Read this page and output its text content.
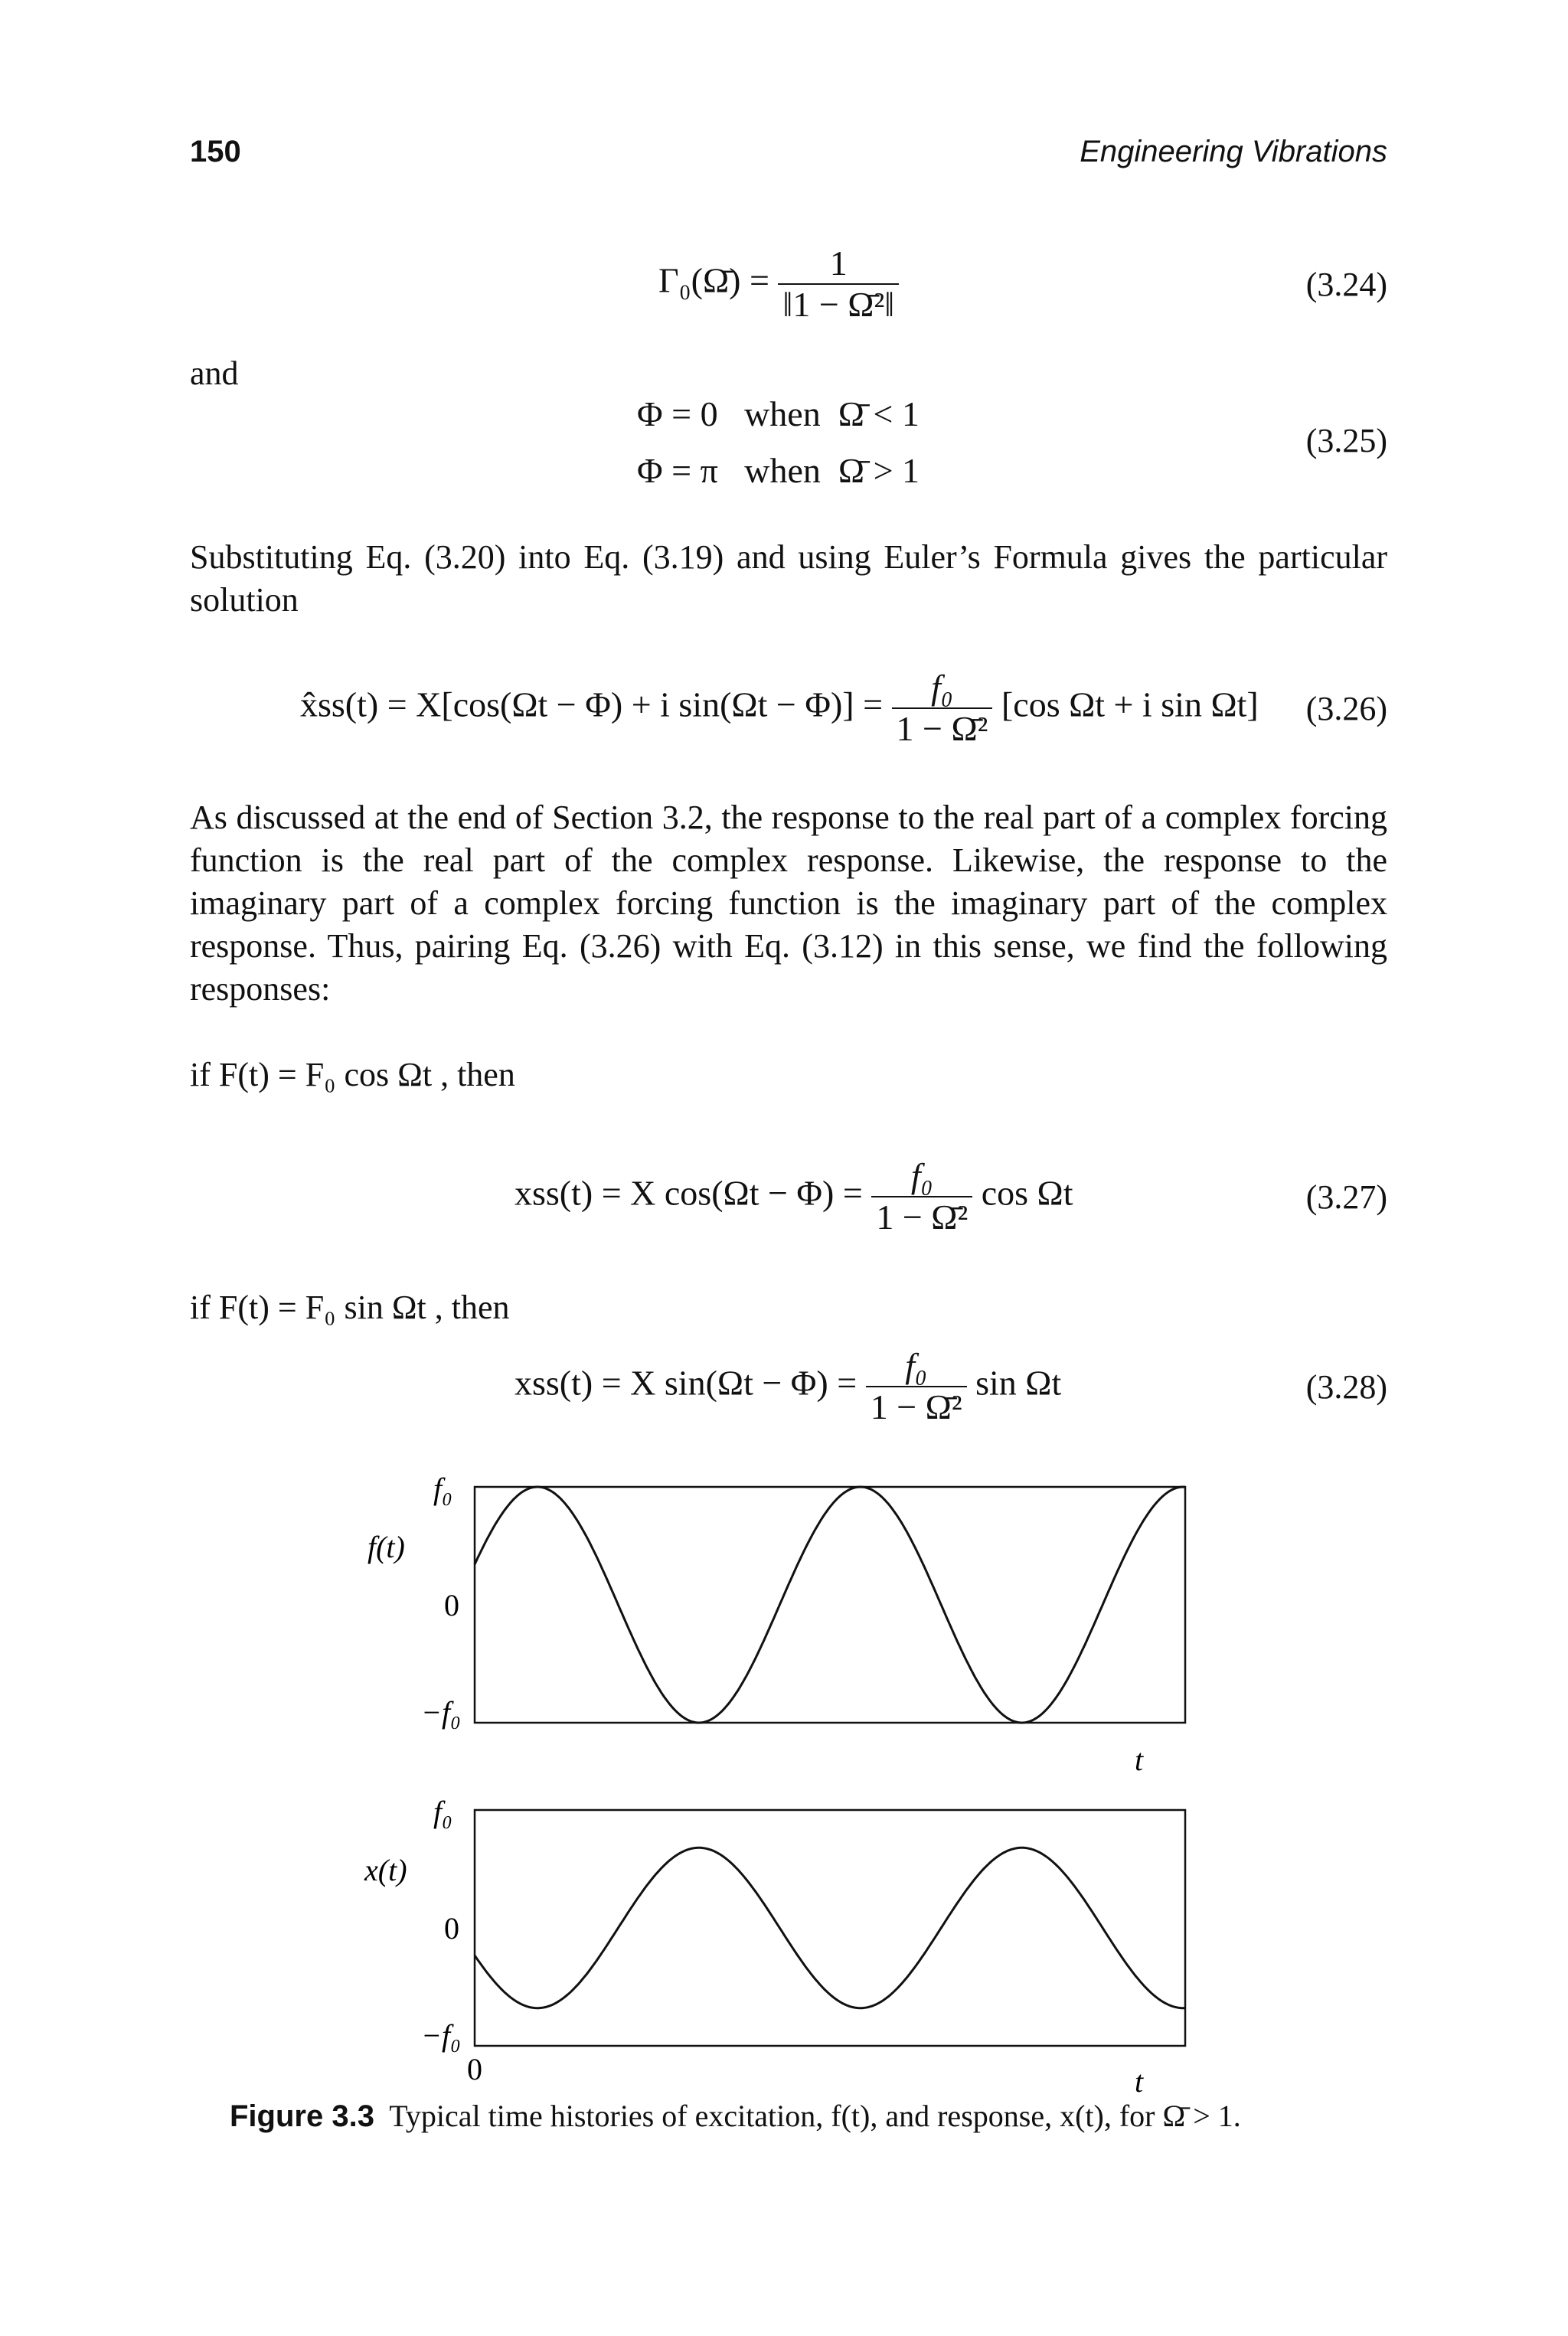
150	Engineering Vibrations
Γ₀(Ω̄) = $\frac{1}{\text{‖1 − Ω̄²‖}}$	(3.24)
and
Φ = 0   when  Ω̄ < 1
Φ = π   when  Ω̄ > 1
(3.25)
Substituting Eq. (3.20) into Eq. (3.19) and using Euler’s Formula gives the particular solution
x̂ss(t) = X[cos(Ωt − Φ) + i $\sin(\Omega t - \Phi)] = \frac{\text{f₀}}{\text{1 − Ω̄²}} [\cos$ Ωt + i sin Ωt] (3.26)
As discussed at the end of Section 3.2, the response to the real part of a complex forcing function is the real part of the complex response. Likewise, the response to the imaginary part of a complex forcing function is the imaginary part of the complex response. Thus, pairing Eq. (3.26) with Eq. (3.12) in this sense, we find the following responses:
if F(t) = F₀ cos Ωt , then
xss(t) = X $\cos(\Omega t - \Phi) = \frac{\text{f₀}}{\text{1 − Ω̄²}}$ cos Ωt	(3.27)
if F(t) = F₀ sin Ωt , then
xss(t) = X $\sin(\Omega t - \Phi) = \frac{\text{f₀}}{\text{1 − Ω̄²}}$ sin Ωt	(3.28)
f(t)
f₀
0
−f₀
t
x(t)
f₀
0
−f₀
0	t
Figure 3.3 Typical time histories of excitation, f(t), and response, x(t), for Ω̄ > 1.
